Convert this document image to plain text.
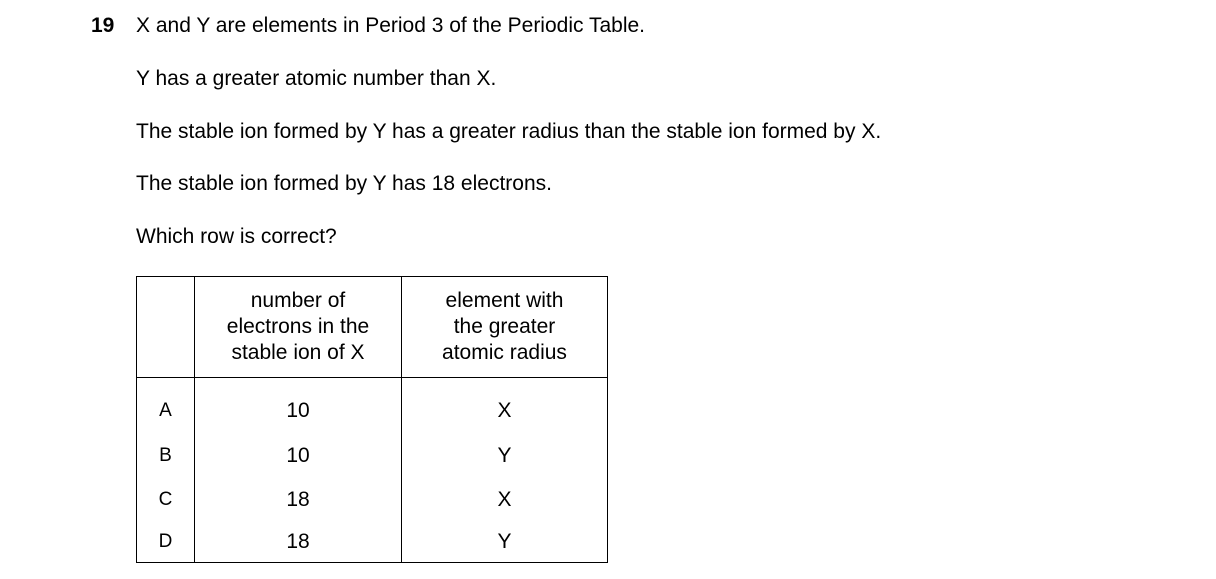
19 X and Y are elements in Period 3 of the Periodic Table.
Y has a greater atomic number than X.
The stable ion formed by Y has a greater radius than the stable ion formed by X.
The stable ion formed by Y has 18 electrons.
Which row is correct?

	number of
electrons in the
stable ion of X	element with
the greater
atomic radius

A	10	X
B	10	Y
C	18	X
D	18	Y
